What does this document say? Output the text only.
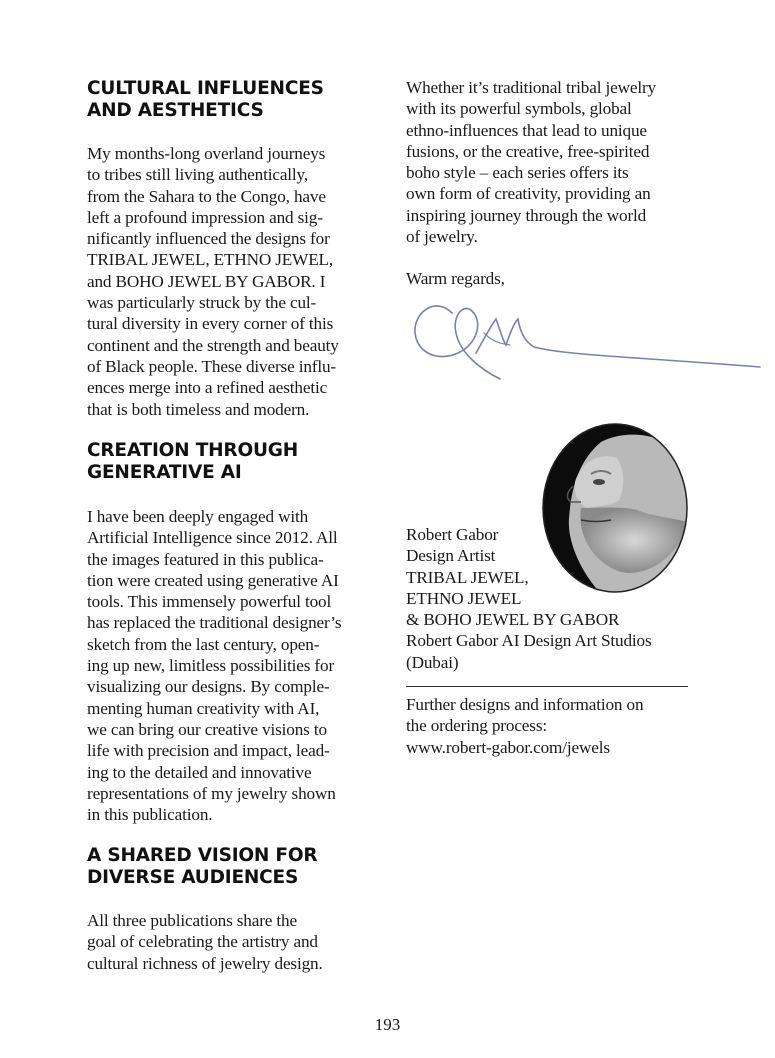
CULTURAL INFLUENCES
AND AESTHETICS

My months-long overland journeys
to tribes still living authentically,
from the Sahara to the Congo, have
left a profound impression and sig-
nificantly influenced the designs for
TRIBAL JEWEL, ETHNO JEWEL,
and BOHO JEWEL BY GABOR. I
was particularly struck by the cul-
tural diversity in every corner of this
continent and the strength and beauty
of Black people. These diverse influ-
ences merge into a refined aesthetic
that is both timeless and modern.

CREATION THROUGH
GENERATIVE AI

I have been deeply engaged with
Artificial Intelligence since 2012. All
the images featured in this publica-
tion were created using generative AI
tools. This immensely powerful tool
has replaced the traditional designer’s
sketch from the last century, open-
ing up new, limitless possibilities for
visualizing our designs. By comple-
menting human creativity with AI,
we can bring our creative visions to
life with precision and impact, lead-
ing to the detailed and innovative
representations of my jewelry shown
in this publication.

A SHARED VISION FOR
DIVERSE AUDIENCES

All three publications share the
goal of celebrating the artistry and
cultural richness of jewelry design.

Whether it’s traditional tribal jewelry
with its powerful symbols, global
ethno-influences that lead to unique
fusions, or the creative, free-spirited
boho style – each series offers its
own form of creativity, providing an
inspiring journey through the world
of jewelry.

Warm regards,

Robert Gabor
Design Artist
TRIBAL JEWEL,
ETHNO JEWEL
& BOHO JEWEL BY GABOR
Robert Gabor AI Design Art Studios
(Dubai)

Further designs and information on
the ordering process:
www.robert-gabor.com/jewels

193
